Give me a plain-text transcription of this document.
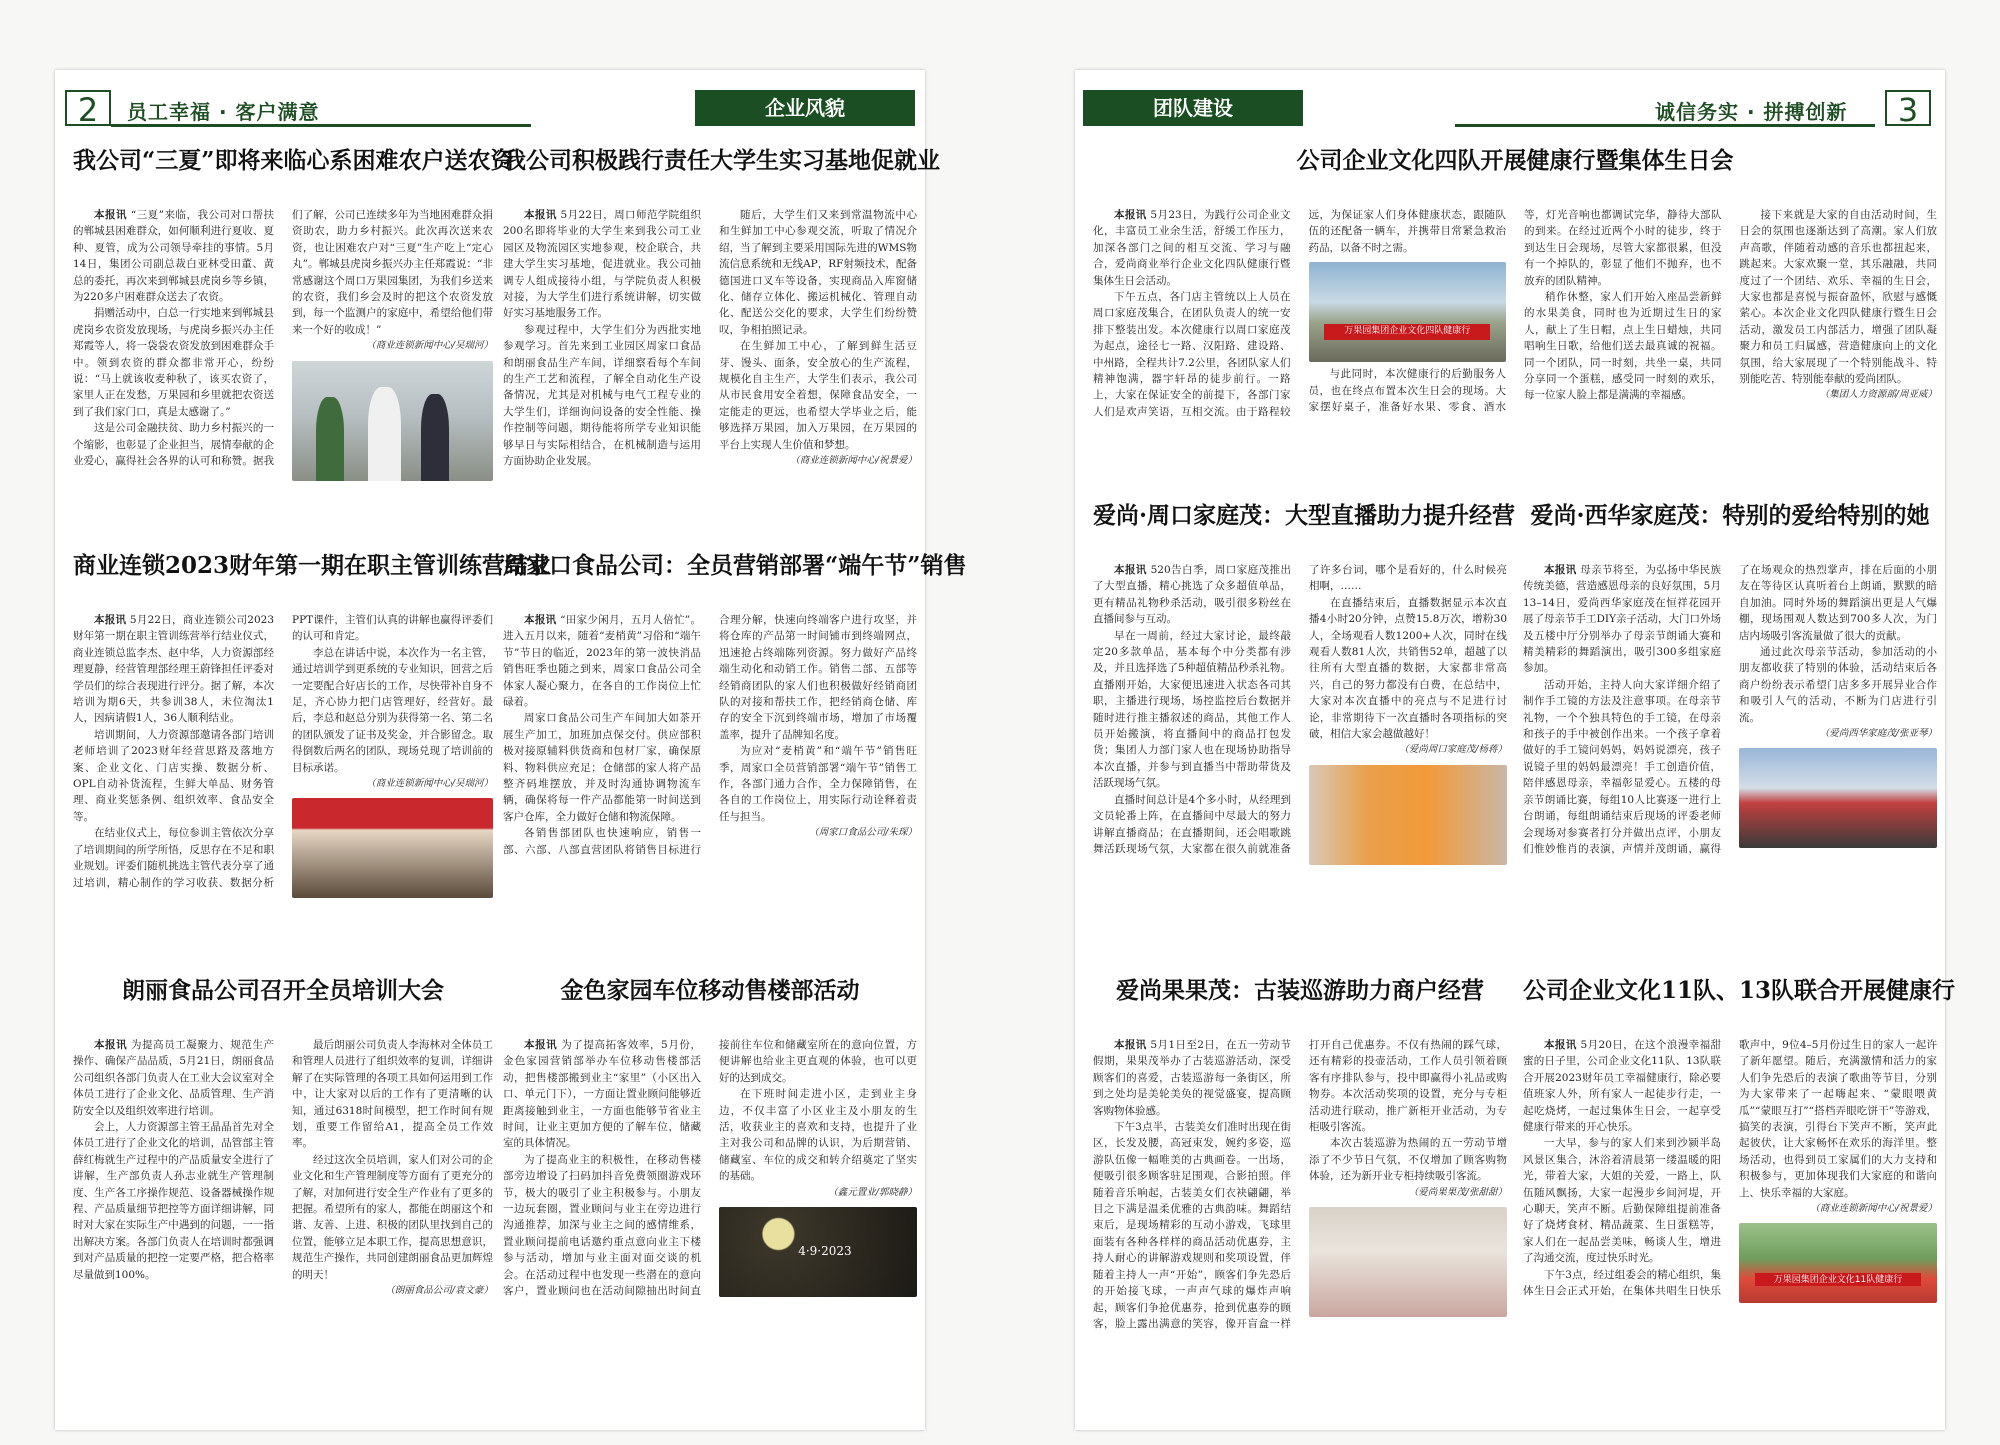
2	员工幸福 · 客户满意	企业风貌
我公司“三夏”即将来临心系困难农户送农资

本报讯 “三夏”来临，我公司对口帮扶的郸城县困难群众，如何顺利进行夏收、夏种、夏管，成为公司领导牵挂的事情。5月14日，集团公司副总裁白亚林受田董、黄总的委托，再次来到郸城县虎岗乡等乡镇，为220多户困难群众送去了农资。

捐赠活动中，白总一行实地来到郸城县虎岗乡农资发放现场，与虎岗乡振兴办主任郑霞等人，将一袋袋农资发放到困难群众手中。领到农资的群众都非常开心，纷纷说：“马上就该收麦种秋了，该买农资了，家里人正在发愁，万果园和乡里就把农资送到了我们家门口，真是太感谢了。”

这是公司金融扶贫、助力乡村振兴的一个缩影，也彰显了企业担当，展情奉献的企业爱心，赢得社会各界的认可和称赞。据我们了解，公司已连续多年为当地困难群众捐资助农，助力乡村振兴。此次再次送来农资，也让困难农户对“三夏”生产吃上“定心丸”。郸城县虎岗乡振兴办主任郑霞说：“非常感谢这个周口万果园集团，为我们乡送来的农资，我们乡会及时的把这个农资发放到，每一个监测户的家庭中，希望给他们带来一个好的收成！”

（商业连锁新闻中心/吴瑞河）
我公司积极践行责任大学生实习基地促就业

本报讯 5月22日，周口师范学院组织200名即将毕业的大学生来到我公司工业园区及物流园区实地参观，校企联合，共建大学生实习基地，促进就业。我公司抽调专人组成接待小组，与学院负责人积极对接，为大学生们进行系统讲解，切实做好实习基地服务工作。

参观过程中，大学生们分为西批实地参观学习。首先来到工业园区周家口食品和朗丽食品生产车间，详细察看每个车间的生产工艺和流程，了解全自动化生产设备情况，尤其是对机械与电气工程专业的大学生们，详细询问设备的安全性能、操作控制等问题，期待能将所学专业知识能够早日与实际相结合，在机械制造与运用方面协助企业发展。

随后，大学生们又来到常温物流中心和生鲜加工中心参观交流，听取了情况介绍，当了解到主要采用国际先进的WMS物流信息系统和无线AP，RF射频技术，配备德国进口叉车等设备，实现商品入库窗储化、储存立体化、搬运机械化、管理自动化、配送公交化的要求，大学生们纷纷赞叹，争相拍照记录。

在生鲜加工中心，了解到鲜生活豆芽、馒头、面条，安全放心的生产流程，规模化自主生产，大学生们表示，我公司从市民食用安全着想，保障食品安全，一定能走的更远，也希望大学毕业之后，能够选择万果园，加入万果园，在万果园的平台上实现人生价值和梦想。

（商业连锁新闻中心/祝景爱）
商业连锁2023财年第一期在职主管训练营结业

本报讯 5月22日，商业连锁公司2023财年第一期在职主管训练营举行结业仪式，商业连锁总监李杰、赵中华，人力资源部经理夏静，经营管理部经理王蔚锋担任评委对学员们的综合表现进行评分。据了解，本次培训为期6天，共参训38人，未位淘汰1人，因病请假1人，36人顺利结业。

培训期间，人力资源部邀请各部门培训老师培训了2023财年经营思路及落地方案、企业文化、门店实操、数据分析、OPL自动补货流程，生鲜大单品、财务管理、商业奖惩条例、组织效率、食品安全等。

在结业仪式上，每位参训主管依次分享了培训期间的所学所悟，反思存在不足和职业规划。评委们随机挑选主管代表分享了通过培训，精心制作的学习收获、数据分析PPT课件，主管们认真的讲解也赢得评委们的认可和肯定。

李总在讲话中说，本次作为一名主管，通过培训学到更系统的专业知识，回营之后一定要配合好店长的工作，尽快带补自身不足，齐心协力把门店管理好，经营好。最后，李总和赵总分别为获得第一名、第二名的团队颁发了证书及奖金，并合影留念。取得倒数后两名的团队，现场兑现了培训前的目标承诺。

（商业连锁新闻中心/吴瑞河）
周家口食品公司：全员营销部署“端午节”销售

本报讯 “田家少闲月，五月人倍忙”。进入五月以来，随着“麦梢黄”习俗和“端午节”节日的临近，2023年的第一波快消品销售旺季也随之到来，周家口食品公司全体家人凝心聚力，在各自的工作岗位上忙碌着。

周家口食品公司生产车间加大如茶开展生产加工，加班加点保交付。供应部积极对接原辅料供货商和包材厂家，确保原料、物料供应充足；仓储部的家人将产品整齐码堆摆放，并及时沟通协调物流车辆，确保将每一件产品都能第一时间送到客户仓库，全力做好仓储和物流保障。

各销售部团队也快速响应，销售一部、六部、八部直营团队将销售目标进行合理分解，快速向终端客户进行攻坚，并将仓库的产品第一时间铺市到终端网点，迅速抢占终端陈列资源。努力做好产品终端生动化和动销工作。销售二部、五部等经销商团队的家人们也积极做好经销商团队的对接和帮扶工作，把经销商仓储、库存的安全下沉到终端市场，增加了市场覆盖率，提升了品牌知名度。

为应对“麦梢黄”和“端午节”销售旺季，周家口全员营销部署“端午节”销售工作，各部门通力合作，全力保障销售，在各自的工作岗位上，用实际行动诠释着责任与担当。

（周家口食品公司/朱琛）
朗丽食品公司召开全员培训大会

本报讯 为提高员工凝聚力、规范生产操作、确保产品品质，5月21日，朗丽食品公司组织各部门负责人在工业大会议室对全体员工进行了企业文化、品质管理、生产消防安全以及组织效率进行培训。

会上，人力资源部主管王晶晶首先对全体员工进行了企业文化的培训，品管部主管薛红梅就生产过程中的产品质量安全进行了讲解，生产部负责人孙志业就生产管理制度、生产各工序操作规范、设备器械操作规程、产品质量细节把控等方面详细讲解，同时对大家在实际生产中遇到的问题，一一指出解决方案。各部门负责人在培训时都强调到对产品质量的把控一定要严格，把合格率尽量做到100%。

最后朗丽公司负责人李海林对全体员工和管理人员进行了组织效率的复训，详细讲解了在实际管理的各项工具如何运用到工作中，让大家对以后的工作有了更清晰的认知，通过6318时间模型，把工作时间有规划，重要工作留给A1，提高全员工作效率。

经过这次全员培训，家人们对公司的企业文化和生产管理制度等方面有了更充分的了解，对加何进行安全生产作业有了更多的把握。希望所有的家人，都能在朗丽这个和谐、友善、上进、积极的团队里找到自己的位置，能够立足本职工作，提高思想意识，规范生产操作，共同创建朗丽食品更加辉煌的明天！

（朗丽食品公司/袁文豪）
金色家园车位移动售楼部活动

本报讯 为了提高拓客效率，5月份，金色家园营销部举办车位移动售楼部活动，把售楼部搬到业主“家里”（小区出入口、单元门下），一方面让置业顾问能够近距离接触到业主，一方面也能够节省业主时间，让业主更加方便的了解车位，储藏室的具体情况。

为了提高业主的积极性，在移动售楼部旁边增设了扫码加抖音免费领圈游戏环节，极大的吸引了业主积极参与。小朋友一边玩套圈，置业顾问与业主在旁边进行沟通推荐，加深与业主之间的感情维系，置业顾问提前电话邀约重点意向业主下楼参与活动，增加与业主面对面交谈的机会。在活动过程中也发现一些潜在的意向客户，置业顾问也在活动间隙抽出时间直接前往车位和储藏室所在的意向位置，方便讲解也给业主更直观的体验，也可以更好的达到成交。

在下班时间走进小区，走到业主身边，不仅丰富了小区业主及小朋友的生活，收获业主的喜欢和支持，也提升了业主对我公司和品牌的认识，为后期营销、储藏室、车位的成交和转介绍奠定了坚实的基础。

（鑫元置业/郭晓静）
4·9·2023
团队建设	诚信务实 · 拼搏创新	3
公司企业文化四队开展健康行暨集体生日会

本报讯 5月23日，为践行公司企业文化，丰富员工业余生活，舒缓工作压力，加深各部门之间的相互交流、学习与融合，爱尚商业举行企业文化四队健康行暨集体生日会活动。

下午五点，各门店主管统以上人员在周口家庭茂集合，在团队负责人的统一安排下整装出发。本次健康行以周口家庭茂为起点，途径七一路、汉阳路、建设路、中州路，全程共计7.2公里，各团队家人们精神饱满，器宇轩昂的徒步前行。一路上，大家在保证安全的前提下，各部门家人们是欢声笑语，互相交流。由于路程较远，为保证家人们身体健康状态，跟随队伍的还配备一辆车，并携带目常紧急救治药品，以备不时之需。

万果园集团企业文化四队健康行

与此同时，本次健康行的后勤服务人员，也在终点布置本次生日会的现场。大家摆好桌子，准备好水果、零食、酒水等，灯光音响也都调试完华，静待大部队的到来。在经过近两个小时的徒步，终于到达生日会现场，尽管大家都很累，但没有一个掉队的，彰显了他们不抛弃，也不放弃的团队精神。

稍作休整，家人们开始入座品尝新鲜的水果美食，同时也为近期过生日的家人，献上了生日帽，点上生日蜡烛，共同唱响生日歌，给他们送去最真诚的祝福。同一个团队，同一时刻，共坐一桌，共同分享同一个蛋糕，感受同一时刻的欢乐，每一位家人脸上都是满满的幸福感。

接下来就是大家的自由活动时间，生日会的氛围也逐渐达到了高潮。家人们放声高歌，伴随着动感的音乐也都扭起来，跳起来。大家欢聚一堂，其乐融融，共同度过了一个团结、欢乐、幸福的生日会，大家也都是喜悦与振奋盈怀，欣慰与感慨萦心。本次企业文化四队健康行暨生日会活动，激发员工内部活力，增强了团队凝聚力和员工归属感，营造健康向上的文化氛围，给大家展现了一个特别能战斗、特别能吃苦、特别能奉献的爱尚团队。

（集团人力资源部/周亚威）
爱尚·周口家庭茂：大型直播助力提升经营

本报讯 520告白季，周口家庭茂推出了大型直播，精心挑选了众多超值单品，更有精品礼物秒杀活动，吸引很多粉丝在直播间参与互动。

早在一周前，经过大家讨论，最终敲定20多款单品，基本每个中分类都有涉及，并且选择选了5种超值精品秒杀礼物。直播刚开始，大家便迅速进入状态各司其职，主播进行现场，场控监控后台数据并随时进行推主播叙述的商品，其他工作人员开始搬演，将直播间中的商品打包发货；集团人力部门家人也在现场协助指导本次直播，并参与到直播当中帮助带货及活跃现场气氛。

直播时间总计是4个多小时，从经理到文员轮番上阵，在直播间中尽最大的努力讲解直播商品；在直播期间，还会唱歌跳舞活跃现场气氛，大家都在很久前就准备了许多台词，哪个是看好的，什么时候亮相啊，……

在直播结束后，直播数据显示本次直播4小时20分钟，点赞15.8万次，增粉30人，全场观看人数1200+人次，同时在线观看人数81人次，共销售52单，超越了以往所有大型直播的数据，大家都非常高兴，自己的努力都没有白费，在总结中，大家对本次直播中的亮点与不足进行讨论，非常期待下一次直播时各项指标的突破，相信大家会越做越好！

（爱尚周口家庭茂/杨蒋）
爱尚·西华家庭茂：特别的爱给特别的她

本报讯 母亲节将至，为弘扬中华民族传统美德，营造感恩母亲的良好氛围，5月13–14日，爱尚西华家庭茂在恒祥花园开展了母亲节手工DIY亲子活动，大门口外场及五楼中厅分别举办了母亲节朗诵大赛和精美精彩的舞蹈演出，吸引300多组家庭参加。

活动开始，主持人向大家详细介绍了制作手工镜的方法及注意事项。在母亲节礼物，一个个独具特色的手工镜，在母亲和孩子的手中被创作出来。一个孩子拿着做好的手工镜问妈妈，妈妈说漂亮，孩子说镜子里的妈妈最漂亮！手工创造价值，陪伴感恩母亲，幸福彰显爱心。五楼的母亲节朗诵比赛，每组10人比赛逐一进行上台朗诵，每组朗诵结束后现场的评委老师会现场对参赛者打分并做出点评，小朋友们惟妙惟肖的表演，声情并茂朗诵，赢得了在场观众的热烈掌声，排在后面的小朋友在等待区认真听着台上朗诵，默默的暗自加油。同时外场的舞蹈演出更是人气爆棚，现场围观人数达到700多人次，为门店内场吸引客流量做了很大的贡献。

通过此次母亲节活动，参加活动的小朋友都收获了特别的体验，活动结束后各商户纷纷表示希望门店多多开展异业合作和吸引人气的活动，不断为门店进行引流。

（爱尚西华家庭茂/张亚琴）
爱尚果果茂：古装巡游助力商户经营

本报讯 5月1日至2日，在五一劳动节假期，果果茂举办了古装巡游活动，深受顾客们的喜爱，古装巡游每一条街区，所到之处均是美轮美奂的视觉盛宴，提高顾客购物体验感。

下午3点半，古装美女们准时出现在街区，长发及腰，高冠束发，婉约多姿，巡游队伍像一幅唯美的古典画卷。一出场，便吸引很多顾客驻足围观，合影拍照。伴随着音乐响起，古装美女们衣袂翩翩，举目之下满是温柔优雅的古典韵味。舞蹈结束后，是现场精彩的互动小游戏，飞球里面装有各种各样样的商品活动优惠券，主持人耐心的讲解游戏规则和奖项设置，伴随着主持人一声“开始”，顾客们争先恐后的开始接飞球，一声声气球的爆炸声响起，顾客们争抢优惠券，抢到优惠券的顾客，脸上露出满意的笑容，像开盲盒一样打开自己优惠券。不仅有热闹的踩气球，还有精彩的投壶活动，工作人员引领着顾客有序排队参与，投中即赢得小礼品或购物券。本次活动奖项的设置，充分与专柜活动进行联动，推广新柜开业活动，为专柜吸引客流。

本次古装巡游为热闹的五一劳动节增添了不少节日气氛，不仅增加了顾客购物体验，还为新开业专柜持续吸引客流。

（爱尚果果茂/张甜甜）
公司企业文化11队、13队联合开展健康行

本报讯 5月20日，在这个浪漫幸福甜蜜的日子里，公司企业文化11队、13队联合开展2023财年员工幸福健康行，除必要值班家人外，所有家人一起徒步行走，一起吃烧烤，一起过集体生日会，一起享受健康行带来的开心快乐。

一大早，参与的家人们来到沙颍半岛风景区集合，沐浴着清晨第一缕温暖的阳光，带着大家，大姐的关爱，一路上，队伍随风飘扬，大家一起漫步乡间河堤，开心聊天，笑声不断。后勤保障组提前准备好了烧烤食材、精品蔬菜、生日蛋糕等，家人们在一起品尝美味，畅谈人生，增进了沟通交流，度过快乐时光。

下午3点，经过组委会的精心组织，集体生日会正式开始，在集体共唱生日快乐歌声中，9位4–5月份过生日的家人一起许了新年愿望。随后，充满激情和活力的家人们争先恐后的表演了歌曲等节目，分别为大家带来了一起嗨起来、“蒙眼喂黄瓜”“蒙眼互打”“搭档弄眼吃饼干”等游戏，搞笑的表演，引得台下笑声不断，笑声此起彼伏，让大家畅怀在欢乐的海洋里。整场活动，也得到员工家属们的大力支持和积极参与，更加体现我们大家庭的和谐向上、快乐幸福的大家庭。

（商业连锁新闻中心/祝景爱）
万果园集团企业文化11队健康行
